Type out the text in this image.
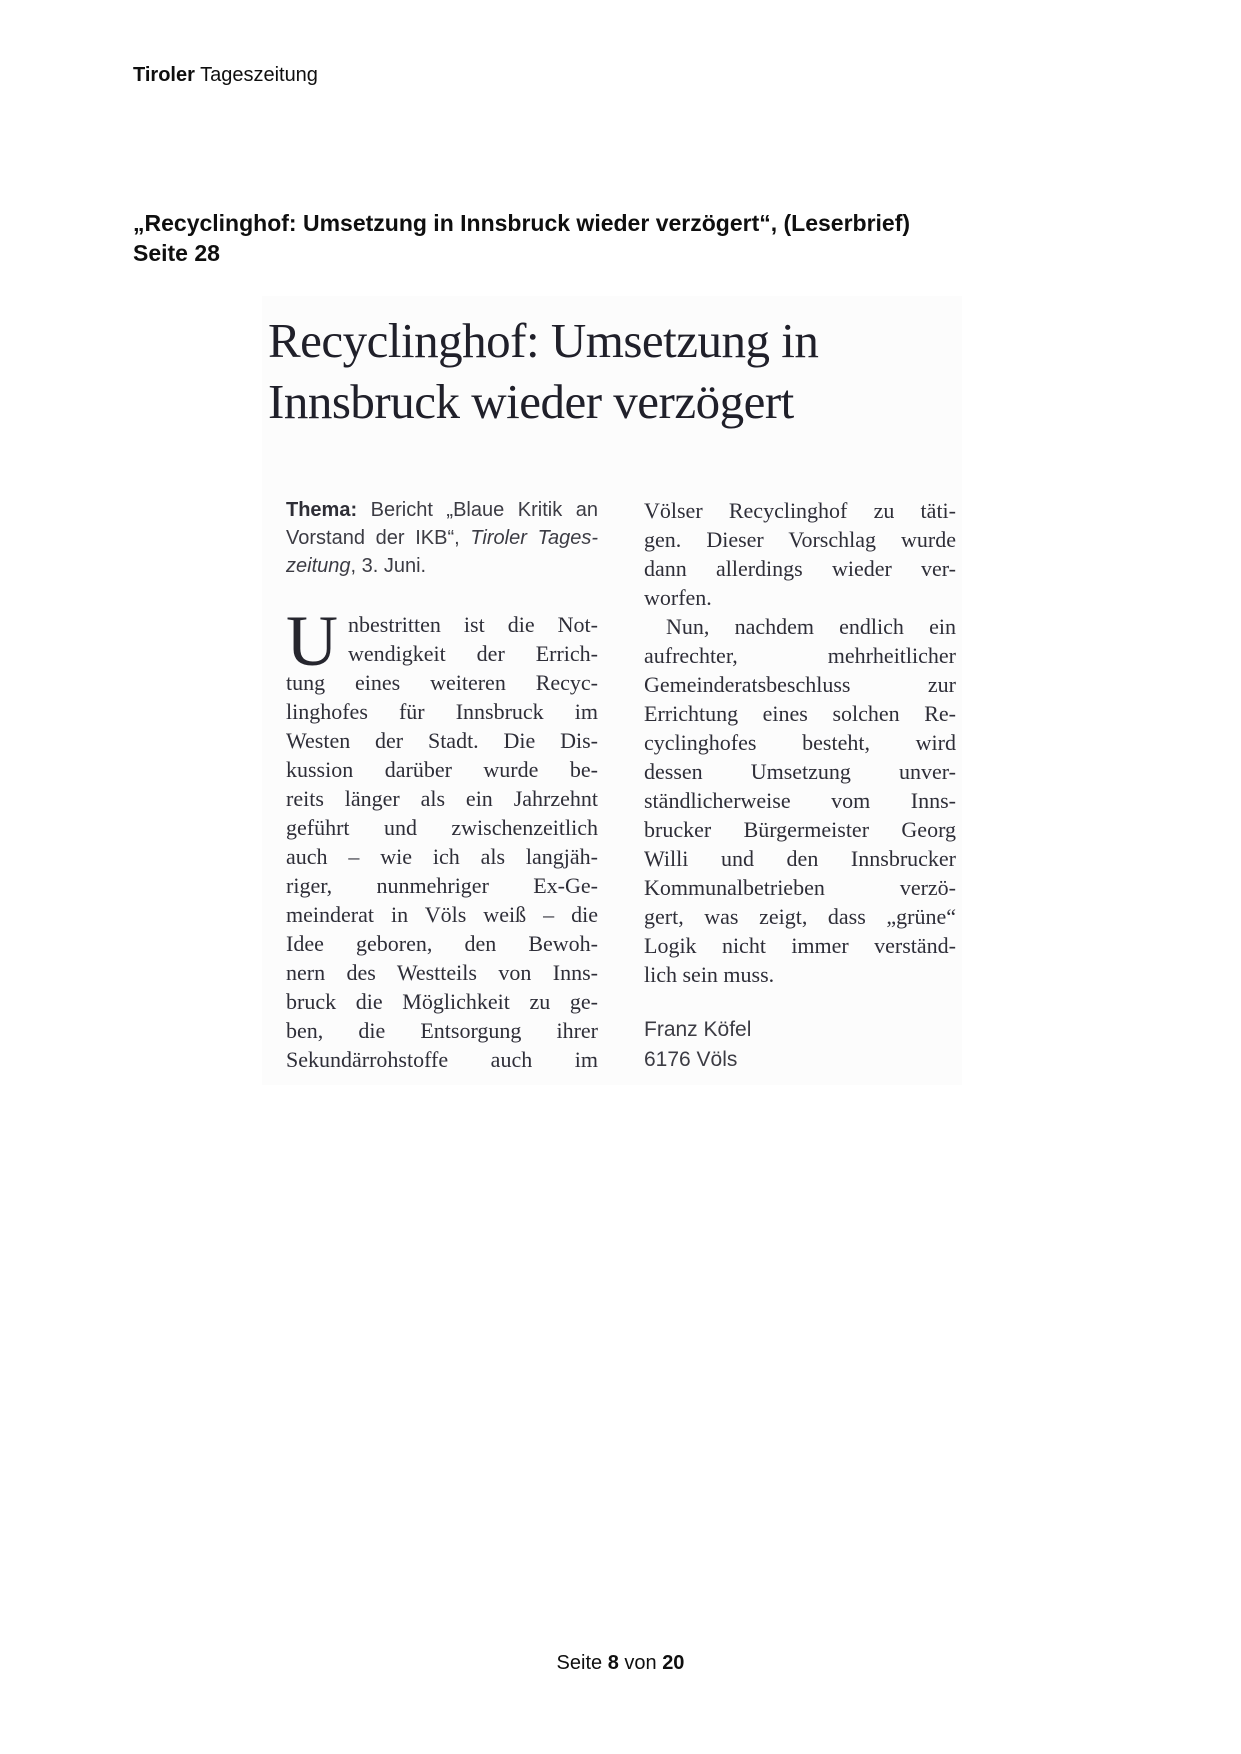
Tiroler Tageszeitung
„Recyclinghof: Umsetzung in Innsbruck wieder verzögert“, (Leserbrief)
Seite 28
Recyclinghof: Umsetzung in
Innsbruck wieder verzögert
Thema: Bericht „Blaue Kritik an
Vorstand der IKB“, Tiroler Tages-
zeitung, 3. Juni.
U nbestritten ist die Not-
wendigkeit der Errich-
tung eines weiteren Recyc-
linghofes für Innsbruck im
Westen der Stadt. Die Dis-
kussion darüber wurde be-
reits länger als ein Jahrzehnt
geführt und zwischenzeitlich
auch – wie ich als langjäh-
riger, nunmehriger Ex-Ge-
meinderat in Völs weiß – die
Idee geboren, den Bewoh-
nern des Westteils von Inns-
bruck die Möglichkeit zu ge-
ben, die Entsorgung ihrer
Sekundärrohstoffe auch im
Völser Recyclinghof zu täti-
gen. Dieser Vorschlag wurde
dann allerdings wieder ver-
worfen.
Nun, nachdem endlich ein
aufrechter, mehrheitlicher
Gemeinderatsbeschluss zur
Errichtung eines solchen Re-
cyclinghofes besteht, wird
dessen Umsetzung unver-
ständlicherweise vom Inns-
brucker Bürgermeister Georg
Willi und den Innsbrucker
Kommunalbetrieben verzö-
gert, was zeigt, dass „grüne“
Logik nicht immer verständ-
lich sein muss.
Franz Köfel
6176 Völs
Seite 8 von 20
